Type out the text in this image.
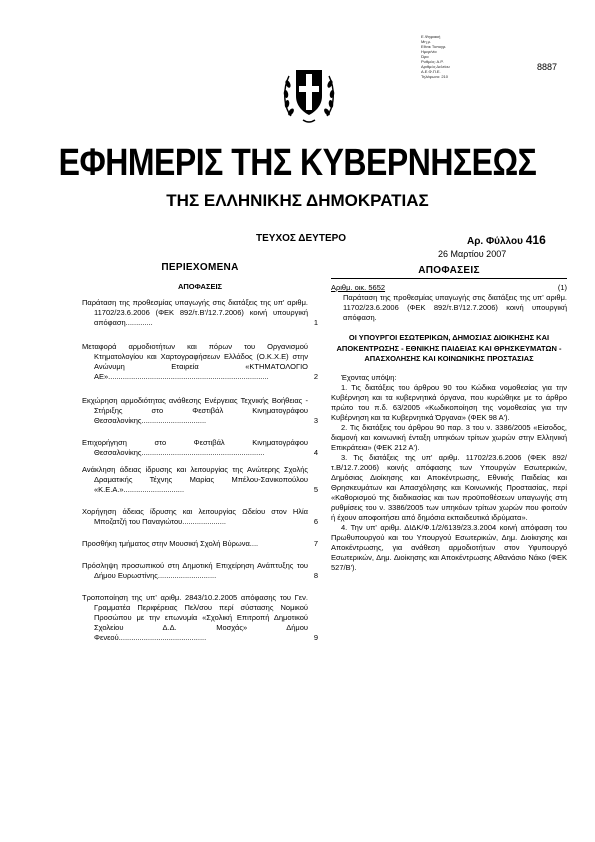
Ε.Ψηφιακή
Μη μ.
Εθνικ Τυπογρ.
Ημερ/νία
Ώρα
Ρυθμός: Α.Ρ.
Αριθμός Δελτίου
Α.Ε.Φ.Π.Ε.
Τηλέφωνο: 210
8887
ΕΦΗΜΕΡΙΣ ΤΗΣ ΚΥΒΕΡΝΗΣΕΩΣ
ΤΗΣ ΕΛΛΗΝΙΚΗΣ ΔΗΜΟΚΡΑΤΙΑΣ
ΤΕΥΧΟΣ ΔΕΥΤΕΡΟ	Αρ. Φύλλου 416
26 Μαρτίου 2007
ΠΕΡΙΕΧΟΜΕΝΑ
ΑΠΟΦΑΣΕΙΣ
Παράταση της προθεσμίας υπαγωγής στις διατάξεις της υπ' αριθμ. 11702/23.6.2006 (ΦΕΚ 892/τ.Β'/12.7.2006) κοινή υπουργική απόφαση.............	1
Μεταφορά αρμοδιοτήτων και πόρων του Οργανισμού Κτηματολογίου και Χαρτογραφήσεων Ελλάδος (Ο.Κ.Χ.Ε) στην Ανώνυμη Εταιρεία «ΚΤΗΜΑΤΟΛΟΓΙΟ ΑΕ».............................................................................	2
Εκχώρηση αρμοδιότητας ανάθεσης Ενέργειας Τεχνικής Βοήθειας - Στήριξης στο Φεστιβάλ Κινηματογράφου Θεσσαλονίκης...............................	3
Επιχορήγηση στο Φεστιβάλ Κινηματογράφου Θεσσαλονίκης...........................................................	4
Ανάκληση άδειας ίδρυσης και λειτουργίας της Ανώτερης Σχολής Δραματικής Τέχνης Μαρίας Μπέλου-Σανικοπούλου «Κ.Ε.Α.».............................	5
Χορήγηση άδειας ίδρυσης και λειτουργίας Ωδείου στον Ηλία Μποζατζή του Παναγιώτου.....................	6
Προσθήκη τμήματος στην Μουσική Σχολή Βύρωνα....	7
Πρόσληψη προσωπικού στη Δημοτική Επιχείρηση Ανάπτυξης του Δήμου Ευρωστίνης............................	8
Τροποποίηση της υπ' αριθμ. 2843/10.2.2005 απόφασης του Γεν. Γραμματέα Περιφέρειας Πελ/σου περί σύστασης Νομικού Προσώπου με την επωνυμία «Σχολική Επιτροπή Δημοτικού Σχολείου Δ.Δ. Μοσχάς» Δήμου Φενεού..........................................	9
ΑΠΟΦΑΣΕΙΣ
Αριθμ. οικ. 5652	(1)

Παράταση της προθεσμίας υπαγωγής στις διατάξεις της υπ' αριθμ. 11702/23.6.2006 (ΦΕΚ 892/τ.Β'/12.7.2006) κοινή υπουργική απόφαση.

ΟΙ ΥΠΟΥΡΓΟΙ ΕΣΩΤΕΡΙΚΩΝ, ΔΗΜΟΣΙΑΣ ΔΙΟΙΚΗΣΗΣ ΚΑΙ ΑΠΟΚΕΝΤΡΩΣΗΣ - ΕΘΝΙΚΗΣ ΠΑΙΔΕΙΑΣ ΚΑΙ ΘΡΗΣΚΕΥΜΑΤΩΝ - ΑΠΑΣΧΟΛΗΣΗΣ ΚΑΙ ΚΟΙΝΩΝΙΚΗΣ ΠΡΟΣΤΑΣΙΑΣ

Έχοντας υπόψη:

1. Τις διατάξεις του άρθρου 90 του Κώδικα νομοθεσίας για την Κυβέρνηση και τα κυβερνητικά όργανα, που κυρώθηκε με το άρθρο πρώτο του π.δ. 63/2005 «Κωδικοποίηση της νομοθεσίας για την Κυβέρνηση και τα Κυβερνητικά Όργανα» (ΦΕΚ 98 Α').

2. Τις διατάξεις του άρθρου 90 παρ. 3 του ν. 3386/2005 «Είσοδος, διαμονή και κοινωνική ένταξη υπηκόων τρίτων χωρών στην Ελληνική Επικράτεια» (ΦΕΚ 212 Α').

3. Τις διατάξεις της υπ' αριθμ. 11702/23.6.2006 (ΦΕΚ 892/τ.Β/12.7.2006) κοινής απόφασης των Υπουργών Εσωτερικών, Δημόσιας Διοίκησης και Αποκέντρωσης, Εθνικής Παιδείας και Θρησκευμάτων και Απασχόλησης και Κοινωνικής Προστασίας, περί «Καθορισμού της διαδικασίας και των προϋποθέσεων υπαγωγής στη ρυθμίσεις του ν. 3386/2005 των υπηκόων τρίτων χωρών που φοιτούν ή έχουν αποφοιτήσει από δημόσια εκπαιδευτικά ιδρύματα».

4. Την υπ' αριθμ. ΔΙΔΚ/Φ.1/2/6139/23.3.2004 κοινή απόφαση του Πρωθυπουργού και του Υπουργού Εσωτερικών, Δημ. Διοίκησης και Αποκέντρωσης, για ανάθεση αρμοδιοτήτων στον Υφυπουργό Εσωτερικών, Δημ. Διοίκησης και Αποκέντρωσης Αθανάσιο Νάκο (ΦΕΚ 527/Β').
